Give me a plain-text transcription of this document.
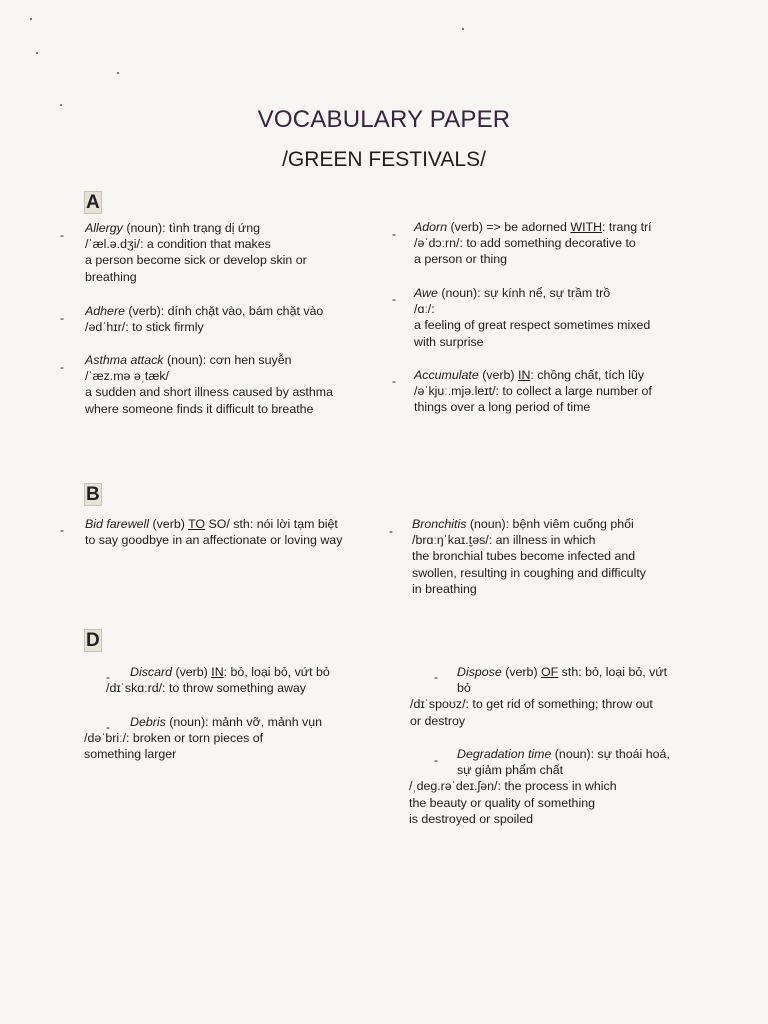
VOCABULARY PAPER
/GREEN FESTIVALS/
A
- Allergy (noun): tình trạng dị ứng

/ˈæl.ə.dʒi/: a condition that makes

a person become sick or develop skin or

breathing

- Adhere (verb): dính chặt vào, bám chặt vào

/ədˈhɪr/: to stick firmly

- Asthma attack (noun): cơn hen suyễn

/ˈæz.mə əˌtæk/

a sudden and short illness caused by asthma

where someone finds it difficult to breathe

- Adorn (verb) => be adorned WITH: trang trí

/əˈdɔːrn/: to add something decorative to

a person or thing

- Awe (noun): sự kính nể, sự trầm trồ

/ɑː/:

a feeling of great respect sometimes mixed

with surprise

- Accumulate (verb) IN: chồng chất, tích lũy

/əˈkjuː.mjə.leɪt/: to collect a large number of

things over a long period of time

B
- Bid farewell (verb) TO SO/ sth: nói lời tạm biệt

to say goodbye in an affectionate or loving way

- Bronchitis (noun): bệnh viêm cuống phổi

/brɑːŋˈkaɪ.t̬əs/: an illness in which

the bronchial tubes become infected and

swollen, resulting in coughing and difficulty

in breathing

D
-	Discard (verb) IN: bỏ, loại bỏ, vứt bỏ

/dɪˈskɑːrd/: to throw something away

-	Debris (noun): mảnh vỡ, mảnh vụn

/dəˈbriː/: broken or torn pieces of

something larger

-	Dispose (verb) OF sth: bỏ, loại bỏ, vứt

bỏ

/dɪˈspoʊz/: to get rid of something; throw out

or destroy

-	Degradation time (noun): sự thoái hoá,

sự giảm phẩm chất

/ˌdeɡ.rəˈdeɪ.ʃən/: the process in which

the beauty or quality of something

is destroyed or spoiled
